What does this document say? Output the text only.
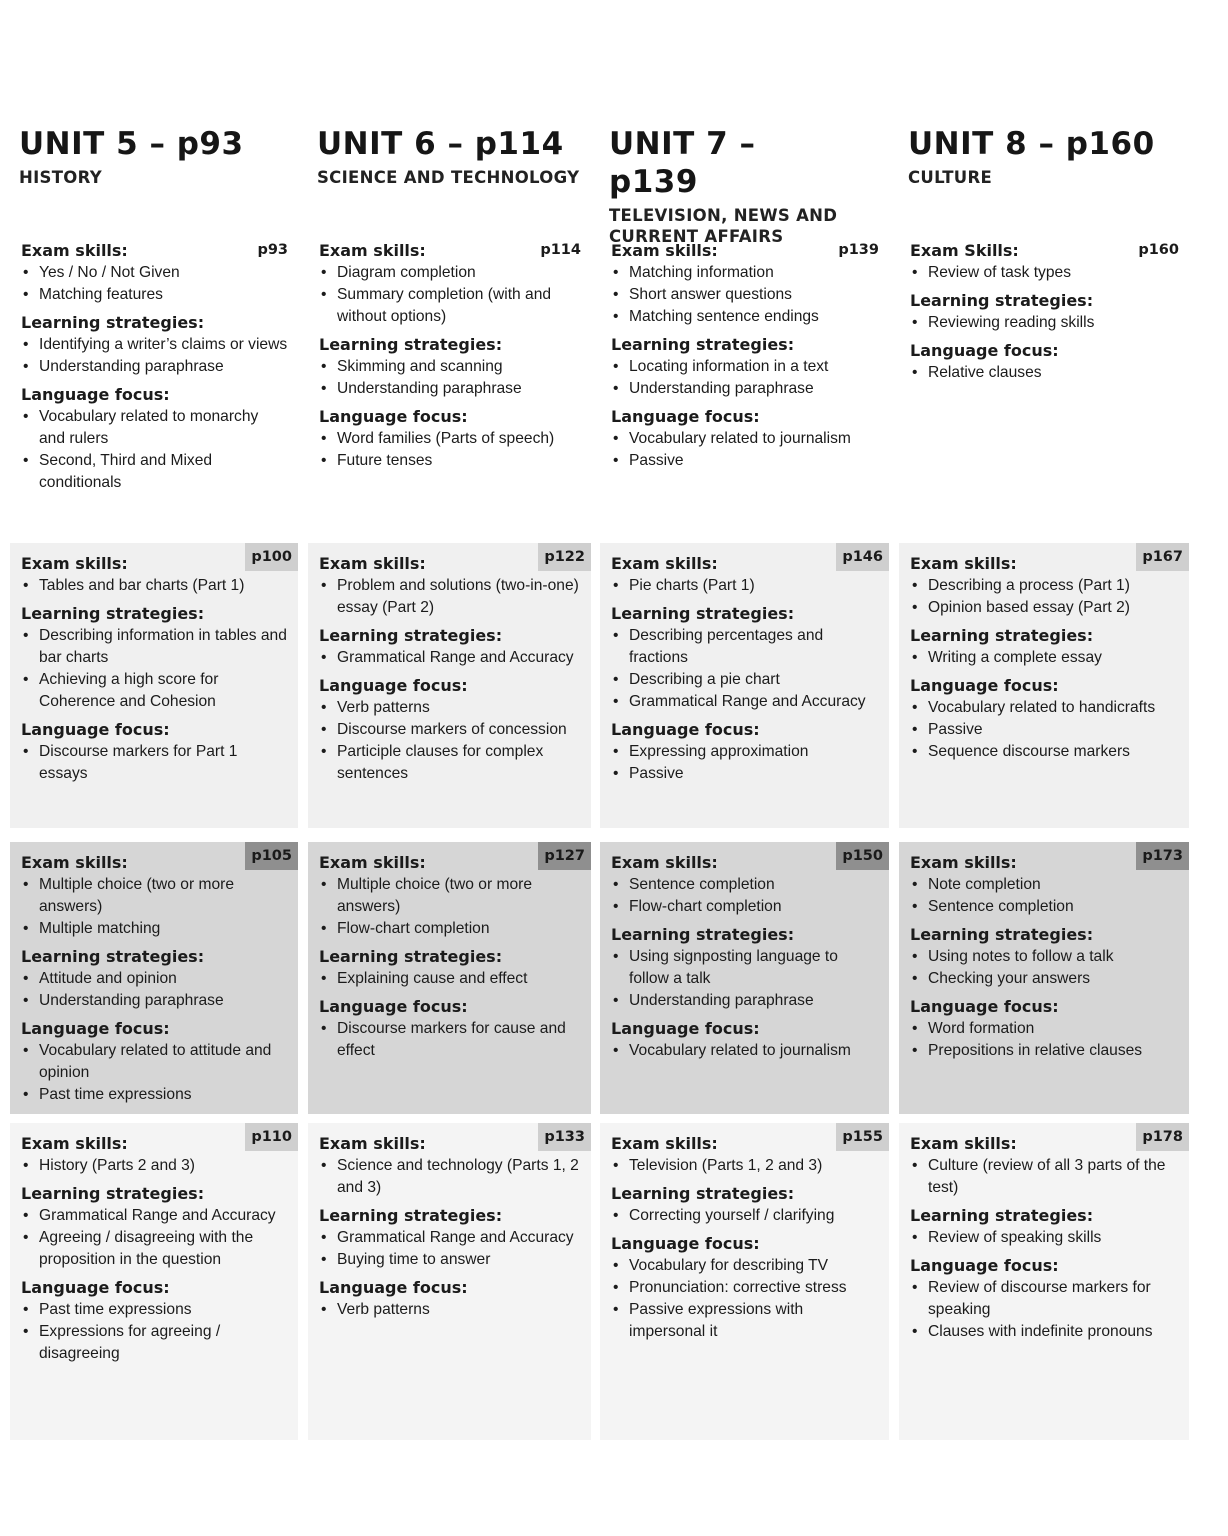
UNIT 5 – p93
HISTORY
UNIT 6 – p114
SCIENCE AND TECHNOLOGY
UNIT 7 – p139
TELEVISION, NEWS AND CURRENT AFFAIRS
UNIT 8 – p160
CULTURE
p93
Exam skills:
• Yes / No / Not Given
• Matching features
Learning strategies:
• Identifying a writer’s claims or views
• Understanding paraphrase
Language focus:
• Vocabulary related to monarchy and rulers
• Second, Third and Mixed conditionals
p114
Exam skills:
• Diagram completion
• Summary completion (with and without options)
Learning strategies:
• Skimming and scanning
• Understanding paraphrase
Language focus:
• Word families (Parts of speech)
• Future tenses
p139
Exam skills:
• Matching information
• Short answer questions
• Matching sentence endings
Learning strategies:
• Locating information in a text
• Understanding paraphrase
Language focus:
• Vocabulary related to journalism
• Passive
p160
Exam Skills:
• Review of task types
Learning strategies:
• Reviewing reading skills
Language focus:
• Relative clauses
p100
Exam skills:
• Tables and bar charts (Part 1)
Learning strategies:
• Describing information in tables and bar charts
• Achieving a high score for Coherence and Cohesion
Language focus:
• Discourse markers for Part 1 essays
p122
Exam skills:
• Problem and solutions (two-in-one) essay (Part 2)
Learning strategies:
• Grammatical Range and Accuracy
Language focus:
• Verb patterns
• Discourse markers of concession
• Participle clauses for complex sentences
p146
Exam skills:
• Pie charts (Part 1)
Learning strategies:
• Describing percentages and fractions
• Describing a pie chart
• Grammatical Range and Accuracy
Language focus:
• Expressing approximation
• Passive
p167
Exam skills:
• Describing a process (Part 1)
• Opinion based essay (Part 2)
Learning strategies:
• Writing a complete essay
Language focus:
• Vocabulary related to handicrafts
• Passive
• Sequence discourse markers
p105
Exam skills:
• Multiple choice (two or more answers)
• Multiple matching
Learning strategies:
• Attitude and opinion
• Understanding paraphrase
Language focus:
• Vocabulary related to attitude and opinion
• Past time expressions
p127
Exam skills:
• Multiple choice (two or more answers)
• Flow-chart completion
Learning strategies:
• Explaining cause and effect
Language focus:
• Discourse markers for cause and effect
p150
Exam skills:
• Sentence completion
• Flow-chart completion
Learning strategies:
• Using signposting language to follow a talk
• Understanding paraphrase
Language focus:
• Vocabulary related to journalism
p173
Exam skills:
• Note completion
• Sentence completion
Learning strategies:
• Using notes to follow a talk
• Checking your answers
Language focus:
• Word formation
• Prepositions in relative clauses
p110
Exam skills:
• History (Parts 2 and 3)
Learning strategies:
• Grammatical Range and Accuracy
• Agreeing / disagreeing with the proposition in the question
Language focus:
• Past time expressions
• Expressions for agreeing / disagreeing
p133
Exam skills:
• Science and technology (Parts 1, 2 and 3)
Learning strategies:
• Grammatical Range and Accuracy
• Buying time to answer
Language focus:
• Verb patterns
p155
Exam skills:
• Television (Parts 1, 2 and 3)
Learning strategies:
• Correcting yourself / clarifying
Language focus:
• Vocabulary for describing TV
• Pronunciation: corrective stress
• Passive expressions with impersonal it
p178
Exam skills:
• Culture (review of all 3 parts of the test)
Learning strategies:
• Review of speaking skills
Language focus:
• Review of discourse markers for speaking
• Clauses with indefinite pronouns
